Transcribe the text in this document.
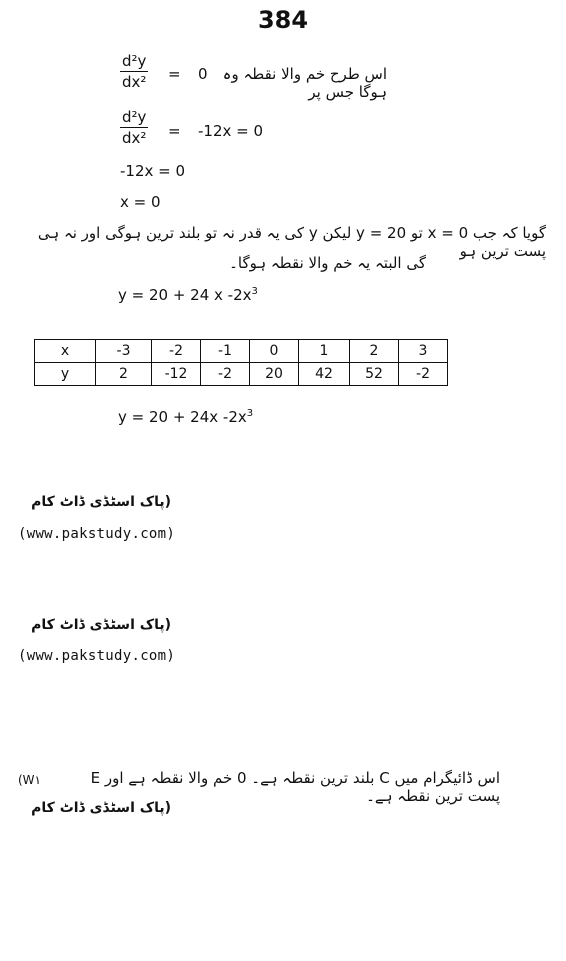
384
$\frac{\text{d²y}}{\text{dx²}} = 0$ اس طرح خم والا نقطہ وہ ہوگا جس پر
$\frac{\text{d²y}}{\text{dx²}} = -12x = 0$
-12x = 0
x = 0
گویا کہ جب x = 0 تو y = 20 لیکن y کی یہ قدر نہ تو بلند ترین ہوگی اور نہ ہی پست ترین ہو
گی البتہ یہ خم والا نقطہ ہوگا۔
y = 20 + 24 x $-2x^3$
x	-3	-2	-1	0	1	2	3
y	2	-12	-2	20	42	52	-2
y = 20 + 24x $-2x^3$
(پاک اسٹڈی ڈاٹ کام
(www.pakstudy.com)
(پاک اسٹڈی ڈاٹ کام
(www.pakstudy.com)
اس ڈائیگرام میں C بلند ترین نقطہ ہے۔ 0 خم والا نقطہ ہے اور E پست ترین نقطہ ہے۔
(W۱
(پاک اسٹڈی ڈاٹ کام
